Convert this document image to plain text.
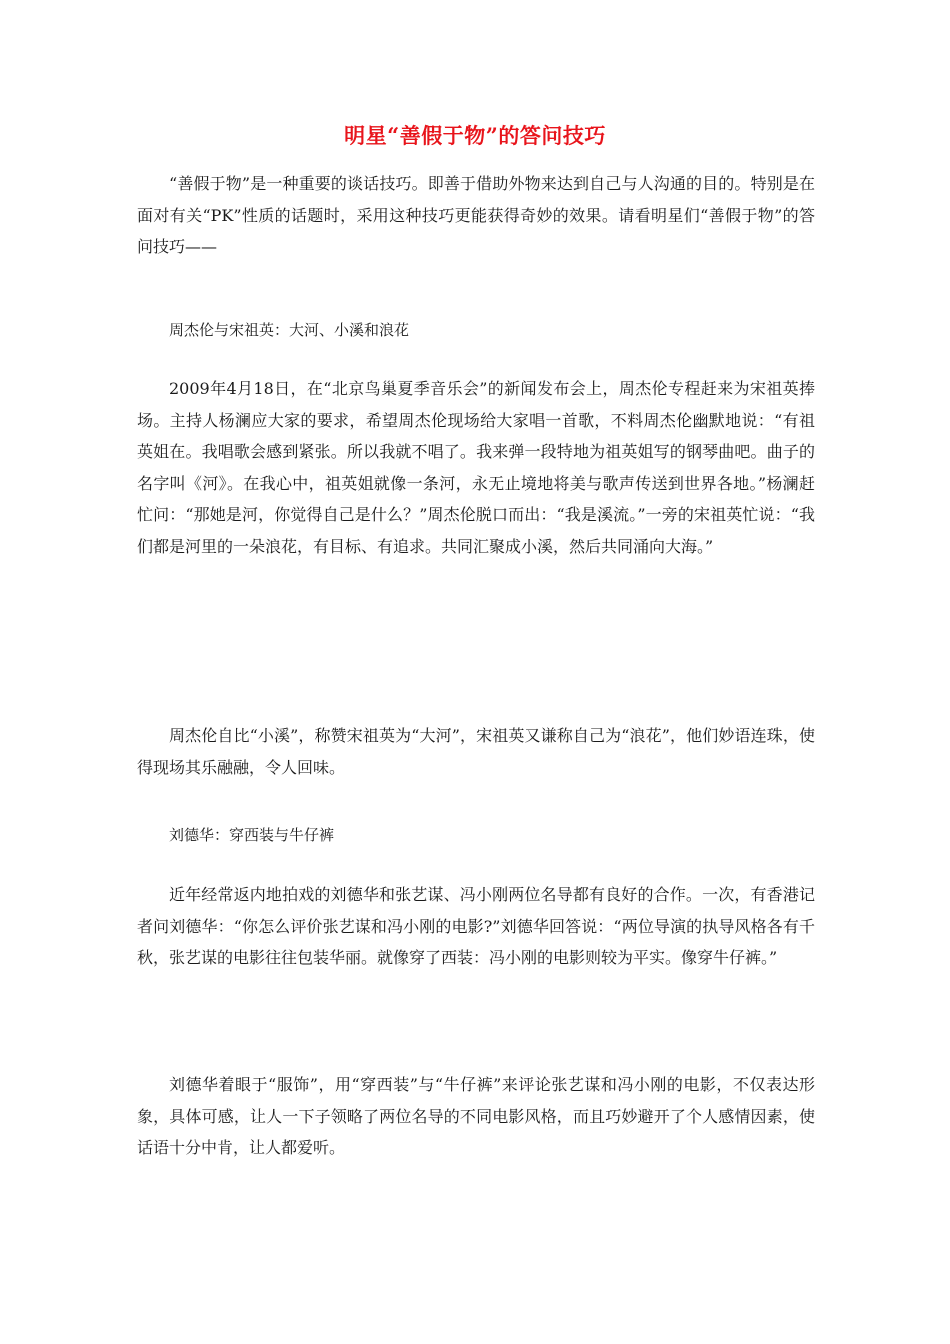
明星“善假于物”的答问技巧

“善假于物”是一种重要的谈话技巧。即善于借助外物来达到自己与人沟通的目的。特别是在面对有关“PK”性质的话题时，采用这种技巧更能获得奇妙的效果。请看明星们“善假于物”的答问技巧——

周杰伦与宋祖英：大河、小溪和浪花

2009年4月18日，在“北京鸟巢夏季音乐会”的新闻发布会上，周杰伦专程赶来为宋祖英捧场。主持人杨澜应大家的要求，希望周杰伦现场给大家唱一首歌，不料周杰伦幽默地说：“有祖英姐在。我唱歌会感到紧张。所以我就不唱了。我来弹一段特地为祖英姐写的钢琴曲吧。曲子的名字叫《河》。在我心中，祖英姐就像一条河，永无止境地将美与歌声传送到世界各地。”杨澜赶忙问：“那她是河，你觉得自己是什么？”周杰伦脱口而出：“我是溪流。”一旁的宋祖英忙说：“我们都是河里的一朵浪花，有目标、有追求。共同汇聚成小溪，然后共同涌向大海。”

周杰伦自比“小溪”，称赞宋祖英为“大河”，宋祖英又谦称自己为“浪花”，他们妙语连珠，使得现场其乐融融，令人回味。

刘德华：穿西装与牛仔裤

近年经常返内地拍戏的刘德华和张艺谋、冯小刚两位名导都有良好的合作。一次，有香港记者问刘德华：“你怎么评价张艺谋和冯小刚的电影?”刘德华回答说：“两位导演的执导风格各有千秋，张艺谋的电影往往包装华丽。就像穿了西装：冯小刚的电影则较为平实。像穿牛仔裤。”

刘德华着眼于“服饰”，用“穿西装”与“牛仔裤”来评论张艺谋和冯小刚的电影，不仅表达形象，具体可感，让人一下子领略了两位名导的不同电影风格，而且巧妙避开了个人感情因素，使话语十分中肯，让人都爱听。
